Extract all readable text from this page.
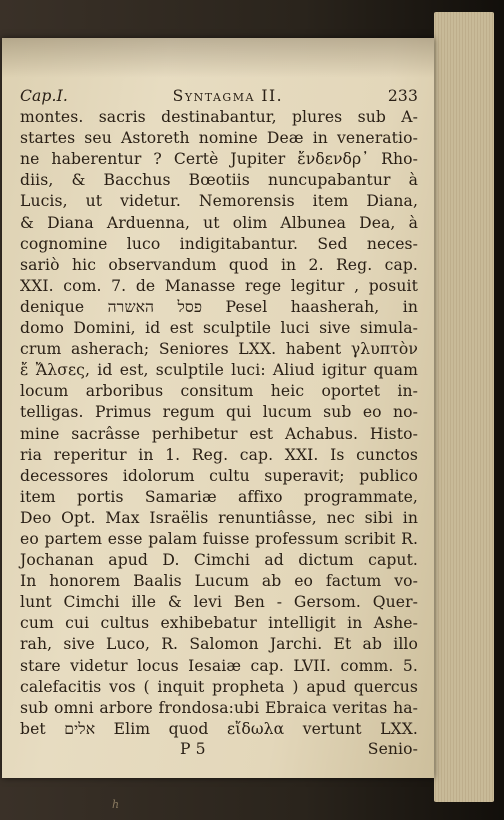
Cap.I.	Syntagma II.	233
montes. sacris destinabantur, plures sub A-
startes seu Astoreth nomine Deæ in veneratio-
ne haberentur ? Certè Jupiter ἔνδενδρ᾿ Rho-
diis, & Bacchus Bœotiis nuncupabantur à
Lucis, ut videtur. Nemorensis item Diana,
& Diana Arduenna, ut olim Albunea Dea, à
cognomine luco indigitabantur. Sed neces-
sariò hic observandum quod in 2. Reg. cap.
XXI. com. 7. de Manasse rege legitur , posuit
denique פסל האשרה Pesel haasherah, in
domo Domini, id est sculptile luci sive simula-
crum asherach; Seniores LXX. habent γλυπτὸν
ἔ Ἄλσες, id est, sculptile luci: Aliud igitur quam
locum arboribus consitum heic oportet in-
telligas. Primus regum qui lucum sub eo no-
mine sacrâsse perhibetur est Achabus. Histo-
ria reperitur in 1. Reg. cap. XXI. Is cunctos
decessores idolorum cultu superavit; publico
item portis Samariæ affixo programmate,
Deo Opt. Max Israëlis renuntiâsse, nec sibi in
eo partem esse palam fuisse professum scribit R.
Jochanan apud D. Cimchi ad dictum caput.
In honorem Baalis Lucum ab eo factum vo-
lunt Cimchi ille & levi Ben - Gersom. Quer-
cum cui cultus exhibebatur intelligit in Ashe-
rah, sive Luco, R. Salomon Jarchi. Et ab illo
stare videtur locus Iesaiæ cap. LVII. comm. 5.
calefacitis vos ( inquit propheta ) apud quercus
sub omni arbore frondosa:ubi Ebraica veritas ha-
bet אלים Elim quod εἴδωλα vertunt LXX.
P 5	Senio-
h
